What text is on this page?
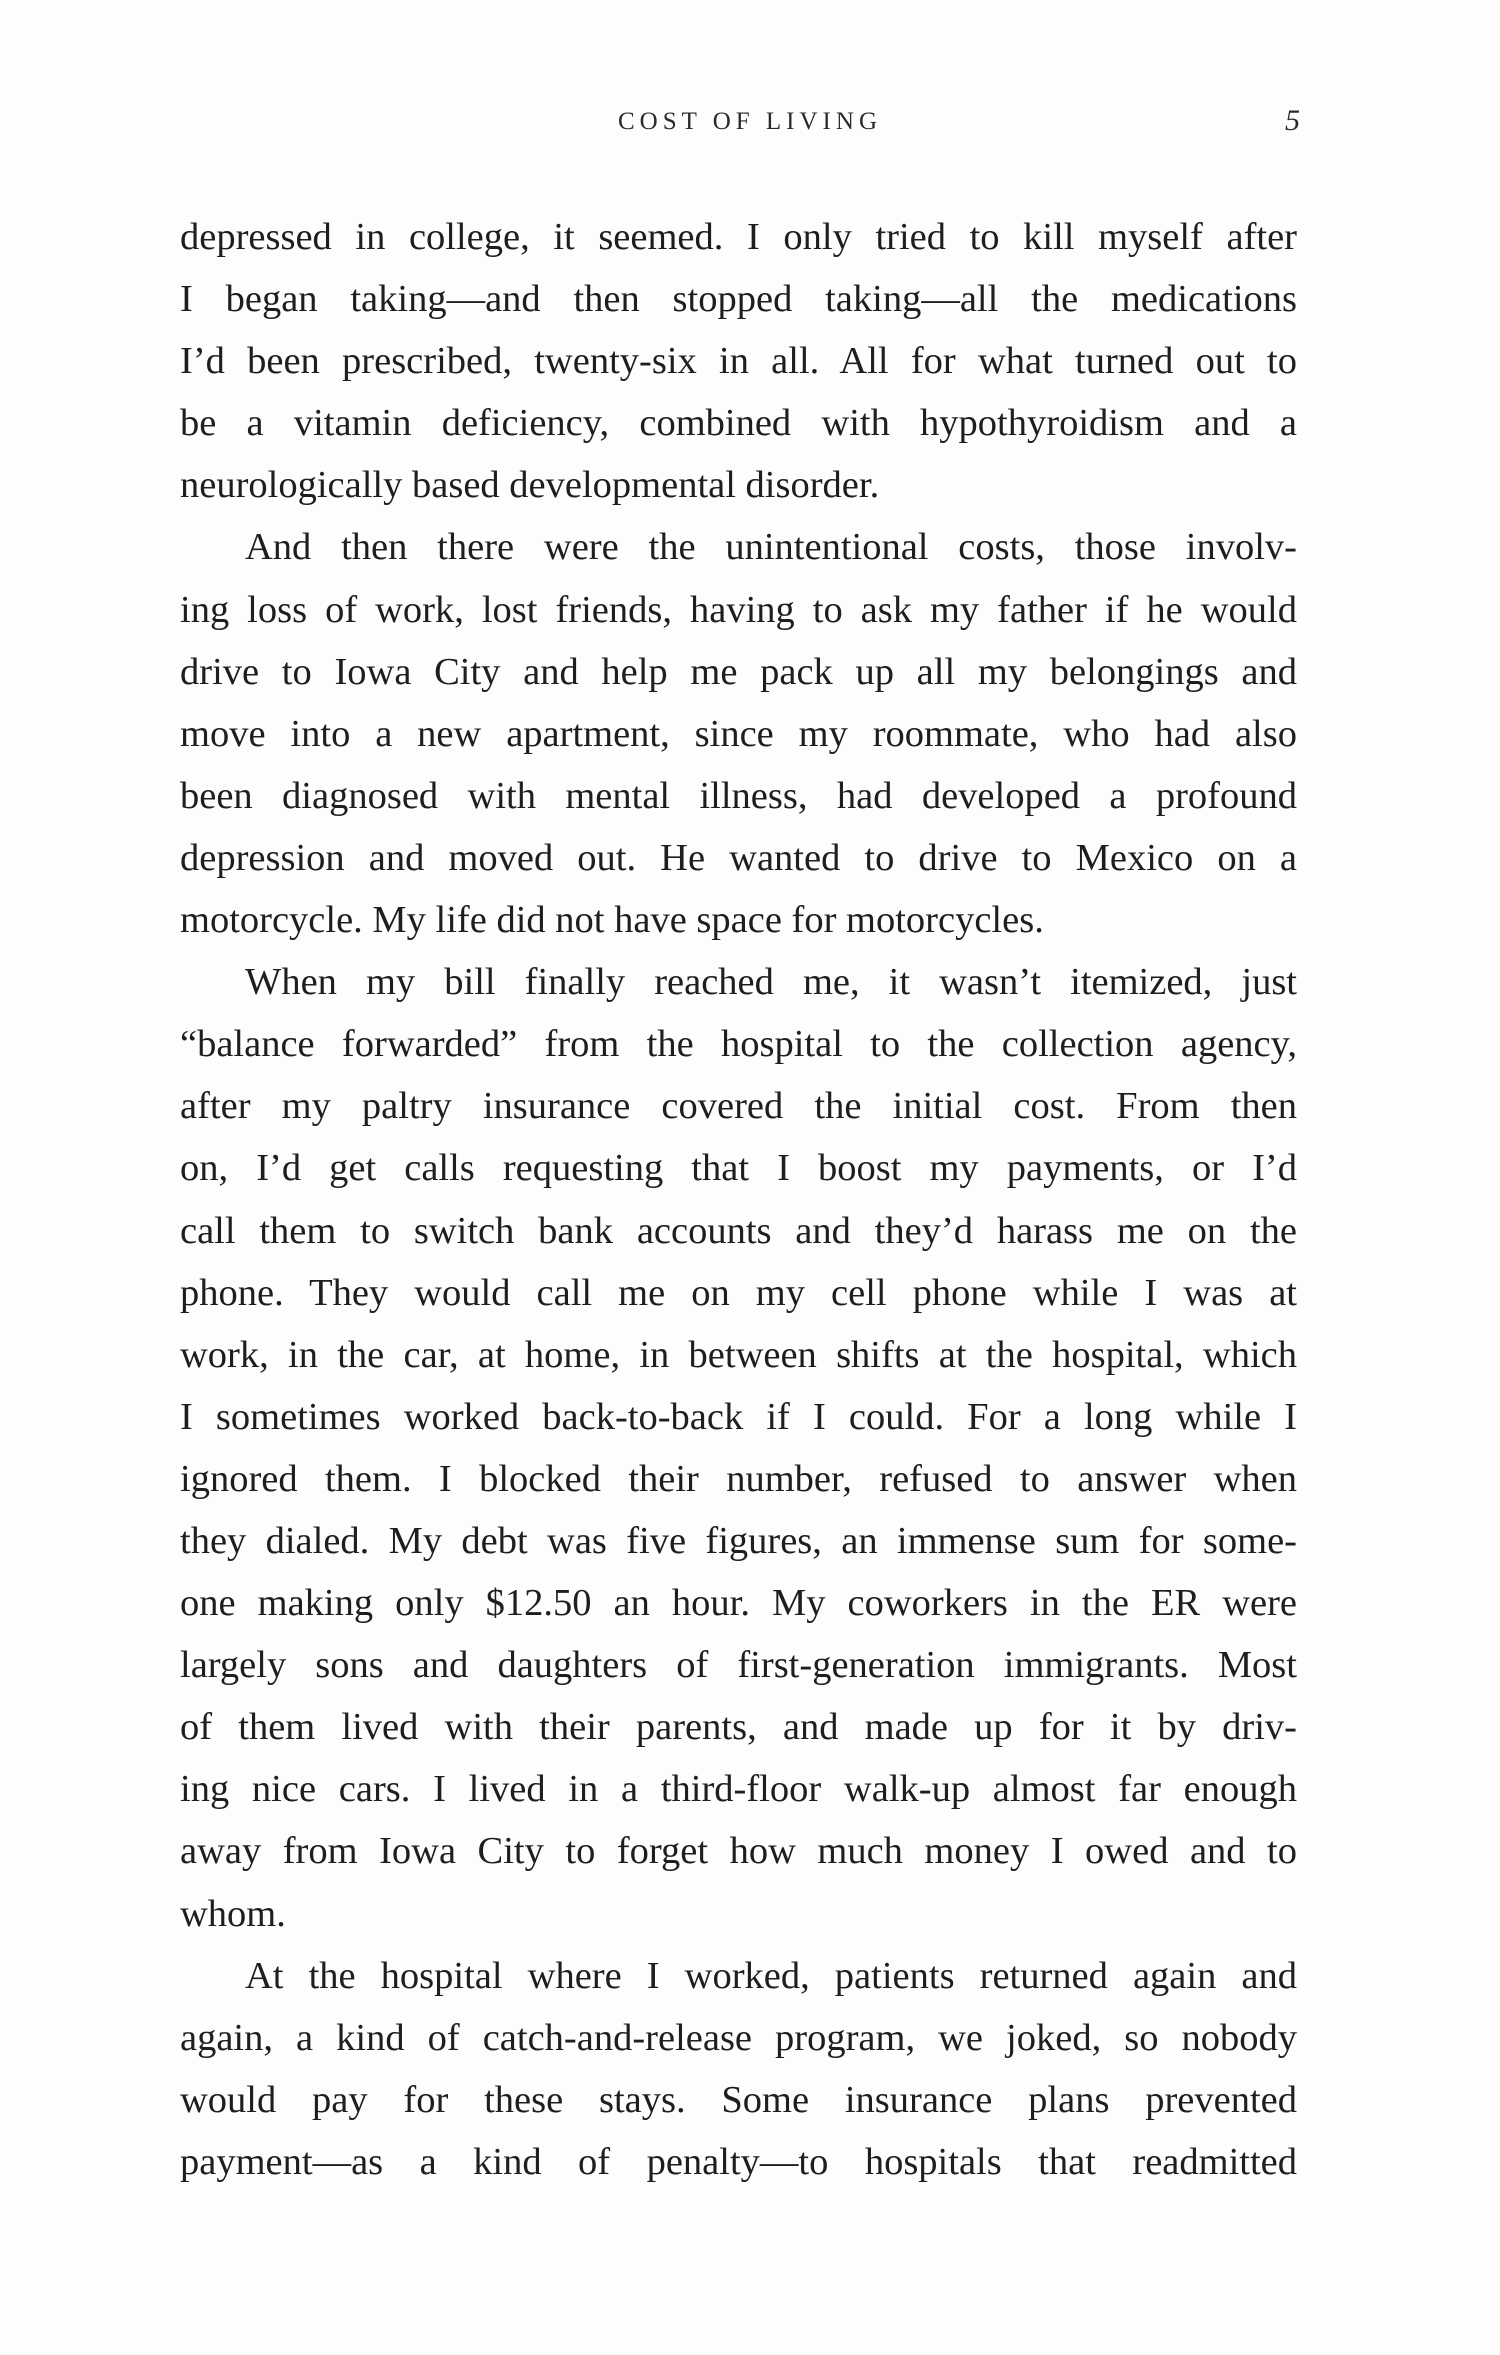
COST OF LIVING	5
depressed in college, it seemed. I only tried to kill myself after
I began taking—and then stopped taking—all the medications
I’d been prescribed, twenty-six in all. All for what turned out to
be a vitamin deficiency, combined with hypothyroidism and a
neurologically based developmental disorder.
And then there were the unintentional costs, those involv-
ing loss of work, lost friends, having to ask my father if he would
drive to Iowa City and help me pack up all my belongings and
move into a new apartment, since my roommate, who had also
been diagnosed with mental illness, had developed a profound
depression and moved out. He wanted to drive to Mexico on a
motorcycle. My life did not have space for motorcycles.
When my bill finally reached me, it wasn’t itemized, just
“balance forwarded” from the hospital to the collection agency,
after my paltry insurance covered the initial cost. From then
on, I’d get calls requesting that I boost my payments, or I’d
call them to switch bank accounts and they’d harass me on the
phone. They would call me on my cell phone while I was at
work, in the car, at home, in between shifts at the hospital, which
I sometimes worked back-to-back if I could. For a long while I
ignored them. I blocked their number, refused to answer when
they dialed. My debt was five figures, an immense sum for some-
one making only $12.50 an hour. My coworkers in the ER were
largely sons and daughters of first-generation immigrants. Most
of them lived with their parents, and made up for it by driv-
ing nice cars. I lived in a third-floor walk-up almost far enough
away from Iowa City to forget how much money I owed and to
whom.
At the hospital where I worked, patients returned again and
again, a kind of catch-and-release program, we joked, so nobody
would pay for these stays. Some insurance plans prevented
payment—as a kind of penalty—to hospitals that readmitted
